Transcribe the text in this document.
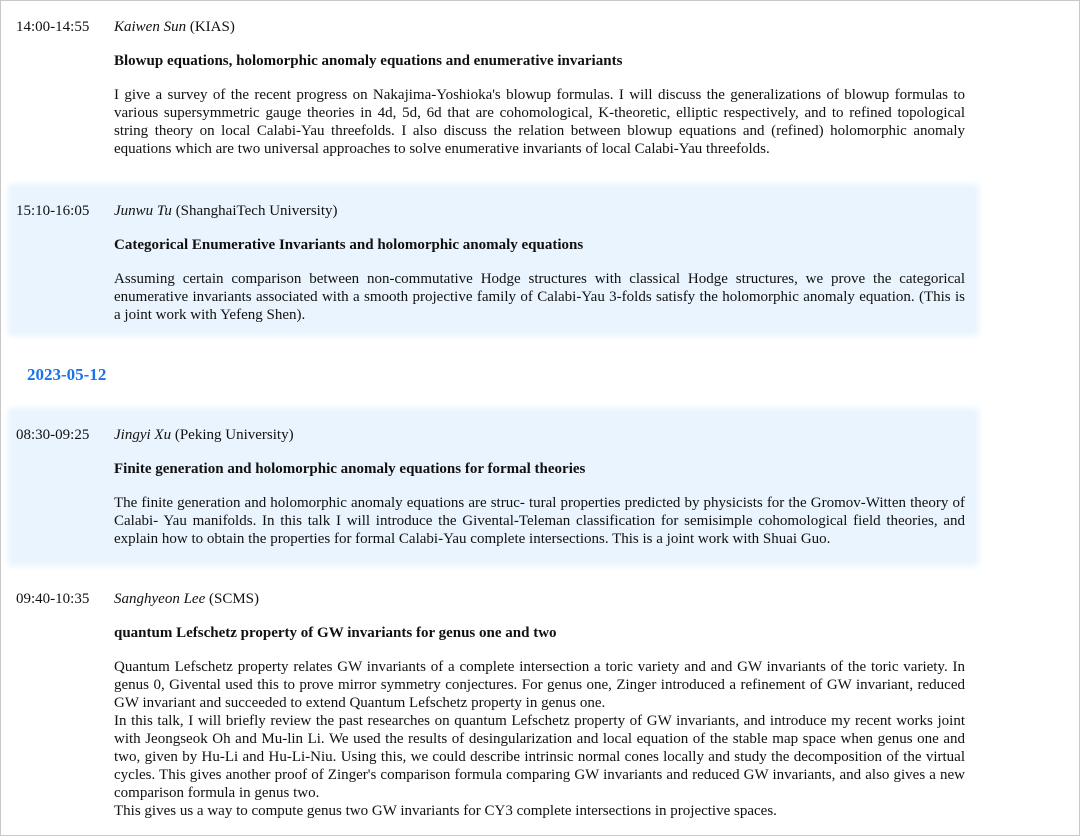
14:00-14:55 Kaiwen Sun (KIAS)
Blowup equations, holomorphic anomaly equations and enumerative invariants

I give a survey of the recent progress on Nakajima-Yoshioka's blowup formulas. I will discuss the generalizations of blowup formulas to various supersymmetric gauge theories in 4d, 5d, 6d that are cohomological, K-theoretic, elliptic respectively, and to refined topological string theory on local Calabi-Yau threefolds. I also discuss the relation between blowup equations and (refined) holomorphic anomaly equations which are two universal approaches to solve enumerative invariants of local Calabi-Yau threefolds.

15:10-16:05 Junwu Tu (ShanghaiTech University)
Categorical Enumerative Invariants and holomorphic anomaly equations

Assuming certain comparison between non-commutative Hodge structures with classical Hodge structures, we prove the categorical enumerative invariants associated with a smooth projective family of Calabi-Yau 3-folds satisfy the holomorphic anomaly equation. (This is a joint work with Yefeng Shen).

2023-05-12
08:30-09:25 Jingyi Xu (Peking University)
Finite generation and holomorphic anomaly equations for formal theories

The finite generation and holomorphic anomaly equations are struc- tural properties predicted by physicists for the Gromov-Witten theory of Calabi- Yau manifolds. In this talk I will introduce the Givental-Teleman classification for semisimple cohomological field theories, and explain how to obtain the properties for formal Calabi-Yau complete intersections. This is a joint work with Shuai Guo.

09:40-10:35 Sanghyeon Lee (SCMS)
quantum Lefschetz property of GW invariants for genus one and two

Quantum Lefschetz property relates GW invariants of a complete intersection a toric variety and and GW invariants of the toric variety. In genus 0, Givental used this to prove mirror symmetry conjectures. For genus one, Zinger introduced a refinement of GW invariant, reduced GW invariant and succeeded to extend Quantum Lefschetz property in genus one.

In this talk, I will briefly review the past researches on quantum Lefschetz property of GW invariants, and introduce my recent works joint with Jeongseok Oh and Mu-lin Li. We used the results of desingularization and local equation of the stable map space when genus one and two, given by Hu-Li and Hu-Li-Niu. Using this, we could describe intrinsic normal cones locally and study the decomposition of the virtual cycles. This gives another proof of Zinger's comparison formula comparing GW invariants and reduced GW invariants, and also gives a new comparison formula in genus two.

This gives us a way to compute genus two GW invariants for CY3 complete intersections in projective spaces.
